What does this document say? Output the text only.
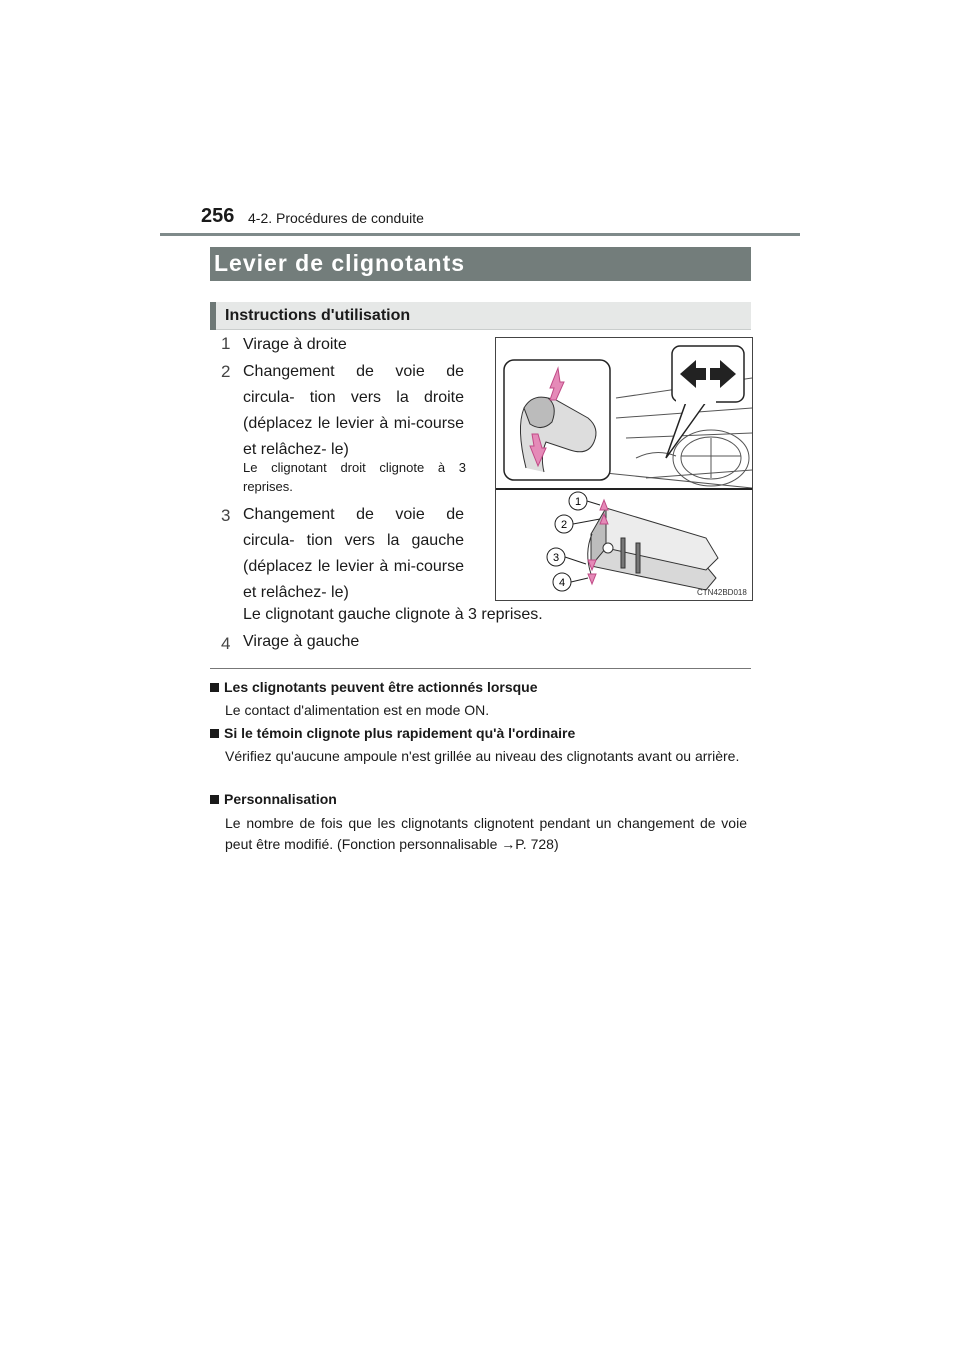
256 4-2. Procédures de conduite
Levier de clignotants
Instructions d'utilisation
1 Virage à droite
2 Changement de voie de circula- tion vers la droite (déplacez le levier à mi-course et relâchez- le)
Le clignotant droit clignote à 3 reprises.
3 Changement de voie de circula- tion vers la gauche (déplacez le levier à mi-course et relâchez- le)
Le clignotant gauche clignote à 3 reprises.
4 Virage à gauche
1
2
3
4
CTN42BD018
Les clignotants peuvent être actionnés lorsque
Le contact d'alimentation est en mode ON.
Si le témoin clignote plus rapidement qu'à l'ordinaire
Vérifiez qu'aucune ampoule n'est grillée au niveau des clignotants avant ou arrière.
Personnalisation
Le nombre de fois que les clignotants clignotent pendant un changement de voie peut être modifié. (Fonction personnalisable →P. 728)
